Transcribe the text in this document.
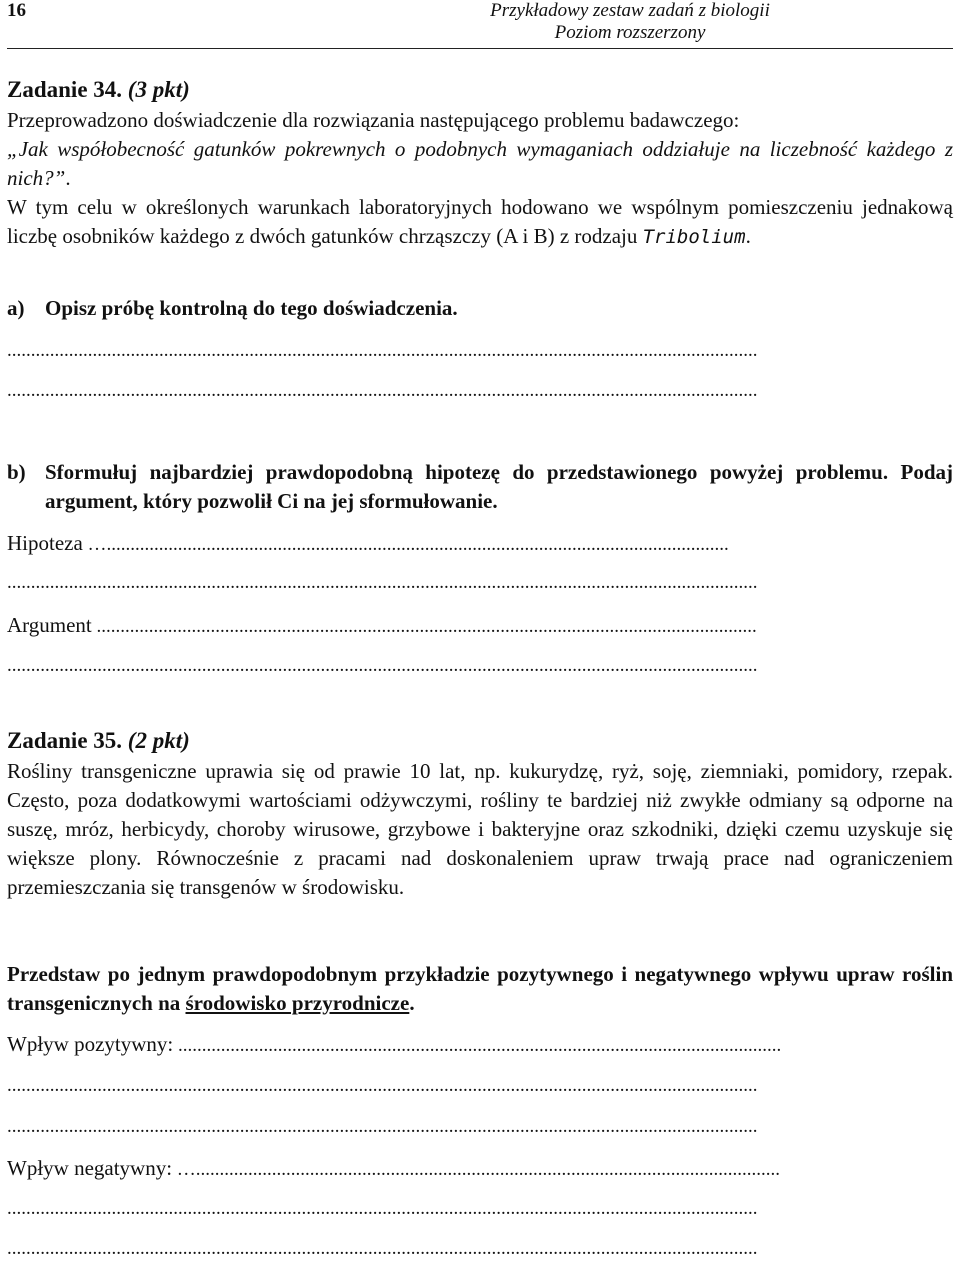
16	Przykładowy zestaw zadań z biologii
Poziom rozszerzony
Zadanie 34. (3 pkt)
Przeprowadzono doświadczenie dla rozwiązania następującego problemu badawczego:
„Jak współobecność gatunków pokrewnych o podobnych wymaganiach oddziałuje na liczebność każdego z nich?”.
W tym celu w określonych warunkach laboratoryjnych hodowano we wspólnym pomieszczeniu jednakową liczbę osobników każdego z dwóch gatunków chrząszczy (A i B) z rodzaju Tribolium.
a) Opisz próbę kontrolną do tego doświadczenia.
..............................................................................................................................................................
..............................................................................................................................................................
b) Sformułuj najbardziej prawdopodobną hipotezę do przedstawionego powyżej problemu. Podaj argument, który pozwolił Ci na jej sformułowanie.
Hipoteza …...................................................................................................................................
..............................................................................................................................................................
Argument ...........................................................................................................................................
..............................................................................................................................................................
Zadanie 35. (2 pkt)
Rośliny transgeniczne uprawia się od prawie 10 lat, np. kukurydzę, ryż, soję, ziemniaki, pomidory, rzepak. Często, poza dodatkowymi wartościami odżywczymi, rośliny te bardziej niż zwykłe odmiany są odporne na suszę, mróz, herbicydy, choroby wirusowe, grzybowe i bakteryjne oraz szkodniki, dzięki czemu uzyskuje się większe plony. Równocześnie z pracami nad doskonaleniem upraw trwają prace nad ograniczeniem przemieszczania się transgenów w środowisku.
Przedstaw po jednym prawdopodobnym przykładzie pozytywnego i negatywnego wpływu upraw roślin transgenicznych na środowisko przyrodnicze.
Wpływ pozytywny: ...............................................................................................................................
..............................................................................................................................................................
..............................................................................................................................................................
Wpływ negatywny: …...........................................................................................................................
..............................................................................................................................................................
..............................................................................................................................................................
